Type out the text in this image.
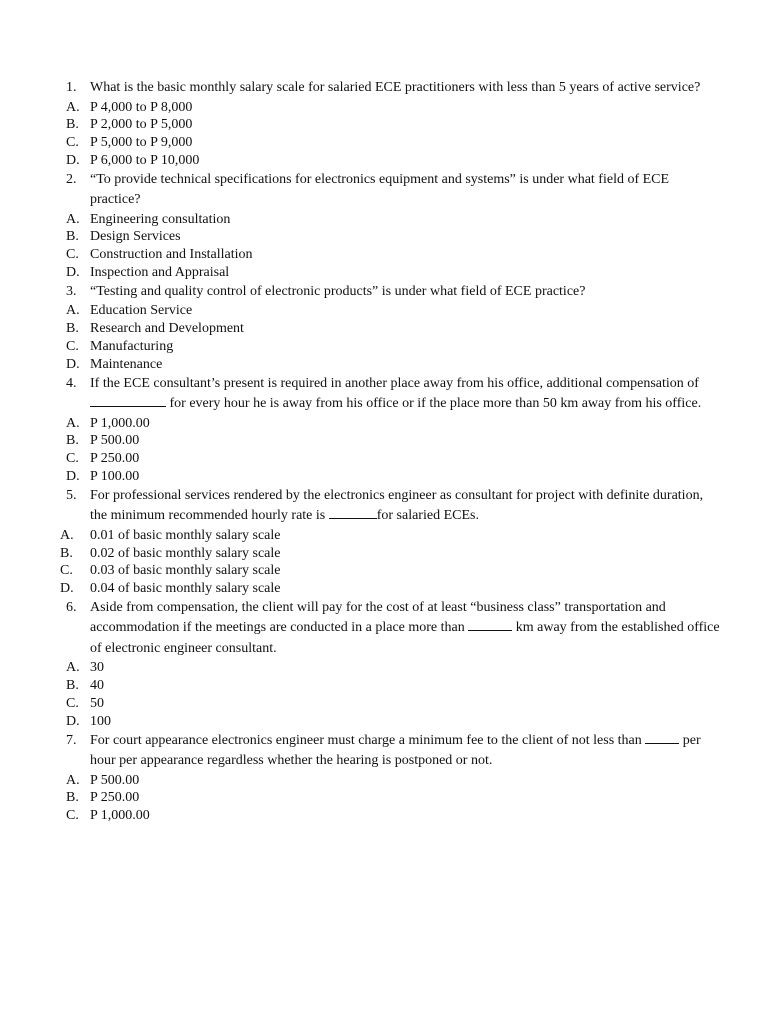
1. What is the basic monthly salary scale for salaried ECE practitioners with less than 5 years of active service?
A. P 4,000 to P 8,000
B. P 2,000 to P 5,000
C. P 5,000 to P 9,000
D. P 6,000 to P 10,000
2. “To provide technical specifications for electronics equipment and systems” is under what field of ECE practice?
A. Engineering consultation
B. Design Services
C. Construction and Installation
D. Inspection and Appraisal
3. “Testing and quality control of electronic products” is under what field of ECE practice?
A. Education Service
B. Research and Development
C. Manufacturing
D. Maintenance
4. If the ECE consultant’s present is required in another place away from his office, additional compensation of  for every hour he is away from his office or if the place more than 50 km away from his office.
A. P 1,000.00
B. P 500.00
C. P 250.00
D. P 100.00
5. For professional services rendered by the electronics engineer as consultant for project with definite duration, the minimum recommended hourly rate is	for salaried ECEs.
A. 0.01 of basic monthly salary scale
B. 0.02 of basic monthly salary scale
C. 0.03 of basic monthly salary scale
D. 0.04 of basic monthly salary scale
6. Aside from compensation, the client will pay for the cost of at least “business class” transportation and accommodation if the meetings are conducted in a place more than	km away from the established office of electronic engineer consultant.
A. 30
B. 40
C. 50
D. 100
7. For court appearance electronics engineer must charge a minimum fee to the client of not less than	per hour per appearance regardless whether the hearing is postponed or not.
A. P 500.00
B. P 250.00
C. P 1,000.00
